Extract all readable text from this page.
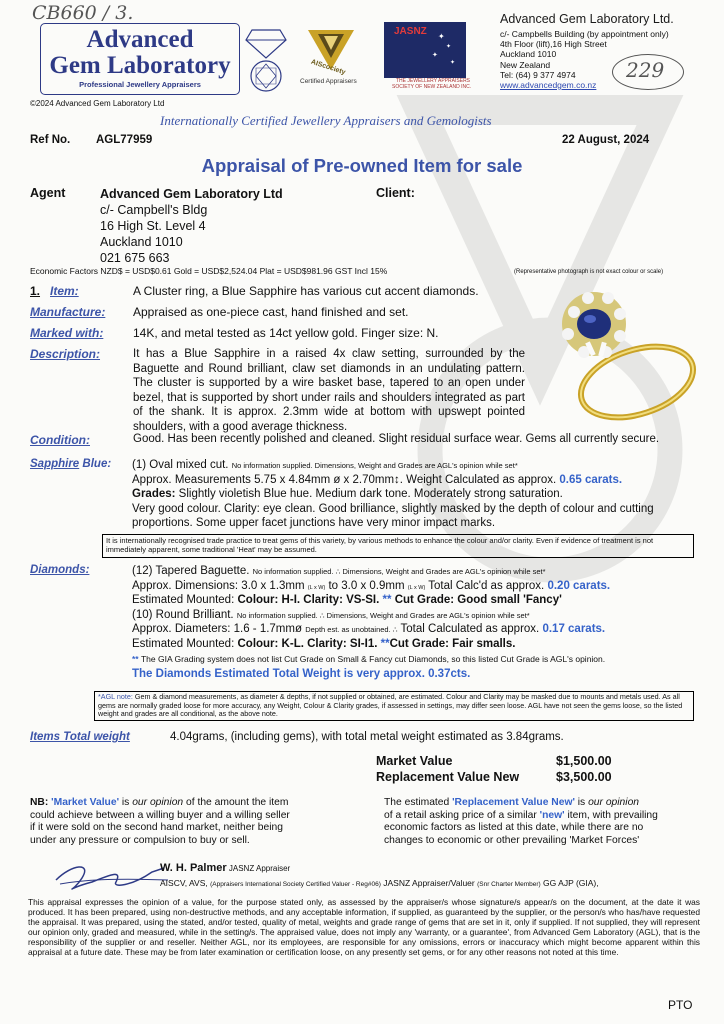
CB660 / 3.
Advanced
Gem Laboratory
Professional Jewellery Appraisers
AIScociety
Certified Appraisers
JASNZ ✦
✦
✦
✦
THE JEWELLERY APPRAISERS
SOCIETY OF NEW ZEALAND INC.
Advanced Gem Laboratory Ltd.
c/- Campbells Building (by appointment only)
4th Floor (lift),16 High Street
Auckland 1010
New Zealand
Tel: (64) 9 377 4974
www.advancedgem.co.nz
229
©2024 Advanced Gem Laboratory Ltd
Internationally Certified Jewellery Appraisers and Gemologists
Ref No. AGL77959	22 August, 2024
Appraisal of Pre-owned Item for sale
Agent	Advanced Gem Laboratory Ltd
c/- Campbell's Bldg
16 High St. Level 4
Auckland 1010
021 675 663
Client:
Economic Factors NZD$ = USD$0.61 Gold = USD$2,524.04 Plat = USD$981.96 GST Incl 15%	(Representative photograph is not exact colour or scale)
1. Item:	A Cluster ring, a Blue Sapphire has various cut accent diamonds.
Manufacture: Appraised as one-piece cast, hand finished and set.
Marked with: 14K, and metal tested as 14ct yellow gold. Finger size: N.
Description:	It has a Blue Sapphire in a raised 4x claw setting, surrounded by the Baguette and Round brilliant, claw set diamonds in an undulating pattern. The cluster is supported by a wire basket base, tapered to an open under bezel, that is supported by short under rails and shoulders integrated as part of the shank. It is approx. 2.3mm wide at bottom with upswept pointed shoulders, with a good average thickness.
Condition:	Good. Has been recently polished and cleaned. Slight residual surface wear. Gems all currently secure.
Sapphire Blue: (1) Oval mixed cut. No information supplied. Dimensions, Weight and Grades are AGL's opinion while set*
Approx. Measurements 5.75 x 4.84mm ø x 2.70mm↕. Weight Calculated as approx. 0.65 carats.
Grades: Slightly violetish Blue hue. Medium dark tone. Moderately strong saturation.
Very good colour. Clarity: eye clean. Good brilliance, slightly masked by the depth of colour and cutting
proportions. Some upper facet junctions have very minor impact marks.
It is internationally recognised trade practice to treat gems of this variety, by various methods to enhance the colour and/or clarity. Even if evidence of treatment is not immediately apparent, some traditional 'Heat' may be assumed.
Diamonds:	(12) Tapered Baguette. No information supplied. ∴ Dimensions, Weight and Grades are AGL's opinion while set*
Approx. Dimensions: 3.0 x 1.3mm (L x W) to 3.0 x 0.9mm (L x W) Total Calc'd as approx. 0.20 carats.
Estimated Mounted: Colour: H-I. Clarity: VS-SI. ** Cut Grade: Good small 'Fancy'
(10) Round Brilliant. No information supplied. ∴ Dimensions, Weight and Grades are AGL's opinion while set*
Approx. Diameters: 1.6 - 1.7mmø Depth est. as unobtained. ∴ Total Calculated as approx. 0.17 carats.
Estimated Mounted: Colour: K-L. Clarity: SI-I1. **Cut Grade: Fair smalls.
** The GIA Grading system does not list Cut Grade on Small & Fancy cut Diamonds, so this listed Cut Grade is AGL's opinion.
The Diamonds Estimated Total Weight is very approx. 0.37cts.
*AGL note: Gem & diamond measurements, as diameter & depths, if not supplied or obtained, are estimated. Colour and Clarity may be masked due to mounts and metals used. As all gems are normally graded loose for more accuracy, any Weight, Colour & Clarity grades, if assessed in settings, may differ seen loose. AGL have not seen the gems loose, so the listed weight and grades are all conditional, as the above note.
Items Total weight	4.04grams, (including gems), with total metal weight estimated as 3.84grams.
Market Value	$1,500.00
Replacement Value New	$3,500.00
NB: 'Market Value' is our opinion of the amount the item
could achieve between a willing buyer and a willing seller
if it were sold on the second hand market, neither being
under any pressure or compulsion to buy or sell.
The estimated 'Replacement Value New' is our opinion
of a retail asking price of a similar 'new' item, with prevailing
economic factors as listed at this date, while there are no
changes to economic or other prevailing 'Market Forces'
W. H. Palmer JASNZ Appraiser
AISCV, AVS, (Appraisers International Society Certified Valuer - Reg#06) JASNZ Appraiser/Valuer (Snr Charter Member) GG AJP (GIA),
This appraisal expresses the opinion of a value, for the purpose stated only, as assessed by the appraiser/s whose signature/s appear/s on the document, at the date it was produced. It has been prepared, using non-destructive methods, and any acceptable information, if supplied, as guaranteed by the supplier, or the person/s who has/have requested the appraisal. It was prepared, using the stated, and/or tested, quality of metal, weights and grade range of gems that are set in it, only if supplied. If not supplied, they will represent our opinion only, graded and measured, while in the setting/s. The appraised value, does not imply any 'warranty, or a guarantee', from Advanced Gem Laboratory (AGL), that is the responsibility of the supplier or and reseller. Neither AGL, nor its employees, are responsible for any omissions, errors or inaccuracy which might become apparent within this appraisal at a future date. These may be from later examination or certification loose, on any presently set gems, or for any other reasons not noted at this time.
PTO
